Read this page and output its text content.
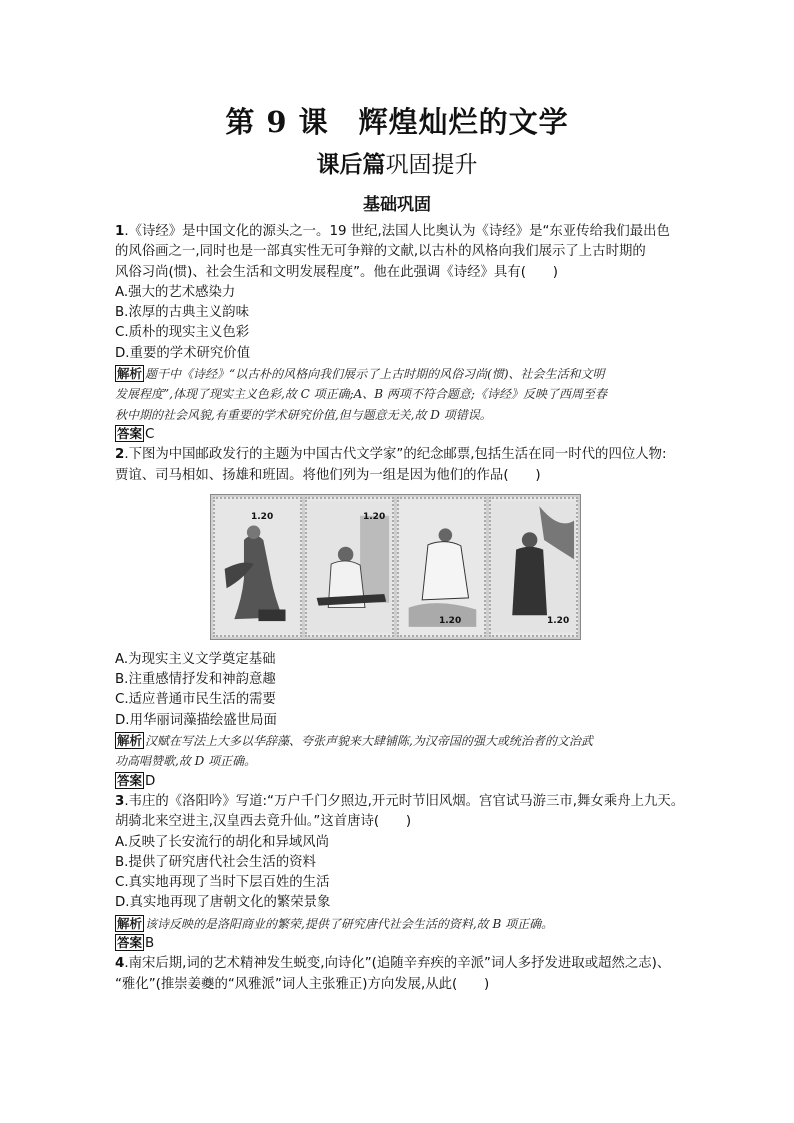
第 9 课　辉煌灿烂的文学
课后篇巩固提升
基础巩固

1.《诗经》是中国文化的源头之一。19 世纪,法国人比奥认为《诗经》是“东亚传给我们最出色

的风俗画之一,同时也是一部真实性无可争辩的文献,以古朴的风格向我们展示了上古时期的

风俗习尚(惯)、社会生活和文明发展程度”。他在此强调《诗经》具有(　　)

A.强大的艺术感染力

B.浓厚的古典主义韵味

C.质朴的现实主义色彩

D.重要的学术研究价值

解析 题干中《诗经》“以古朴的风格向我们展示了上古时期的风俗习尚(惯)、社会生活和文明

发展程度”,体现了现实主义色彩,故 C 项正确;A、B 两项不符合题意;《诗经》反映了西周至春

秋中期的社会风貌,有重要的学术研究价值,但与题意无关,故 D 项错误。

答案 C

2.下图为中国邮政发行的主题为中国古代文学家”的纪念邮票,包括生活在同一时代的四位人物:

贾谊、司马相如、扬雄和班固。将他们列为一组是因为他们的作品(　　)

1.20	1.20
1.20	1.20

A.为现实主义文学奠定基础

B.注重感情抒发和神韵意趣

C.适应普通市民生活的需要

D.用华丽词藻描绘盛世局面

解析 汉赋在写法上大多以华辞藻、夸张声貌来大肆铺陈,为汉帝国的强大或统治者的文治武

功高唱赞歌,故 D 项正确。

答案 D

3.韦庄的《洛阳吟》写道:“万户千门夕照边,开元时节旧风烟。宫官试马游三市,舞女乘舟上九天。

胡骑北来空进主,汉皇西去竟升仙。”这首唐诗(　　)

A.反映了长安流行的胡化和异域风尚

B.提供了研究唐代社会生活的资料

C.真实地再现了当时下层百姓的生活

D.真实地再现了唐朝文化的繁荣景象

解析 该诗反映的是洛阳商业的繁荣,提供了研究唐代社会生活的资料,故 B 项正确。

答案 B

4.南宋后期,词的艺术精神发生蜕变,向诗化”(追随辛弃疾的辛派”词人多抒发进取或超然之志)、

“雅化”(推崇姜夔的“风雅派”词人主张雅正)方向发展,从此(　　)
